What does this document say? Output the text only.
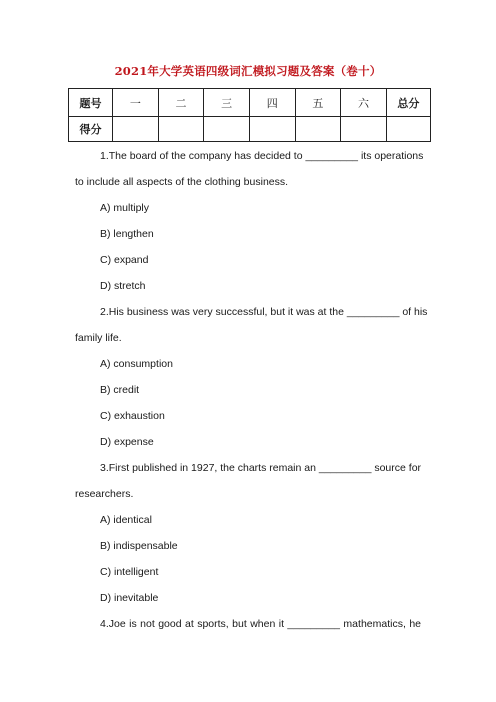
2021年大学英语四级词汇模拟习题及答案（卷十）
题号	一	二	三	四	五	六	总分
得分							
1.The board of the company has decided to _________ its operations
to include all aspects of the clothing business.
A) multiply
B) lengthen
C) expand
D) stretch
2.His business was very successful, but it was at the _________ of his
family life.
A) consumption
B) credit
C) exhaustion
D) expense
3.First published in 1927, the charts remain an _________ source for
researchers.
A) identical
B) indispensable
C) intelligent
D) inevitable
4.Joe is not good at sports, but when it _________ mathematics, he
